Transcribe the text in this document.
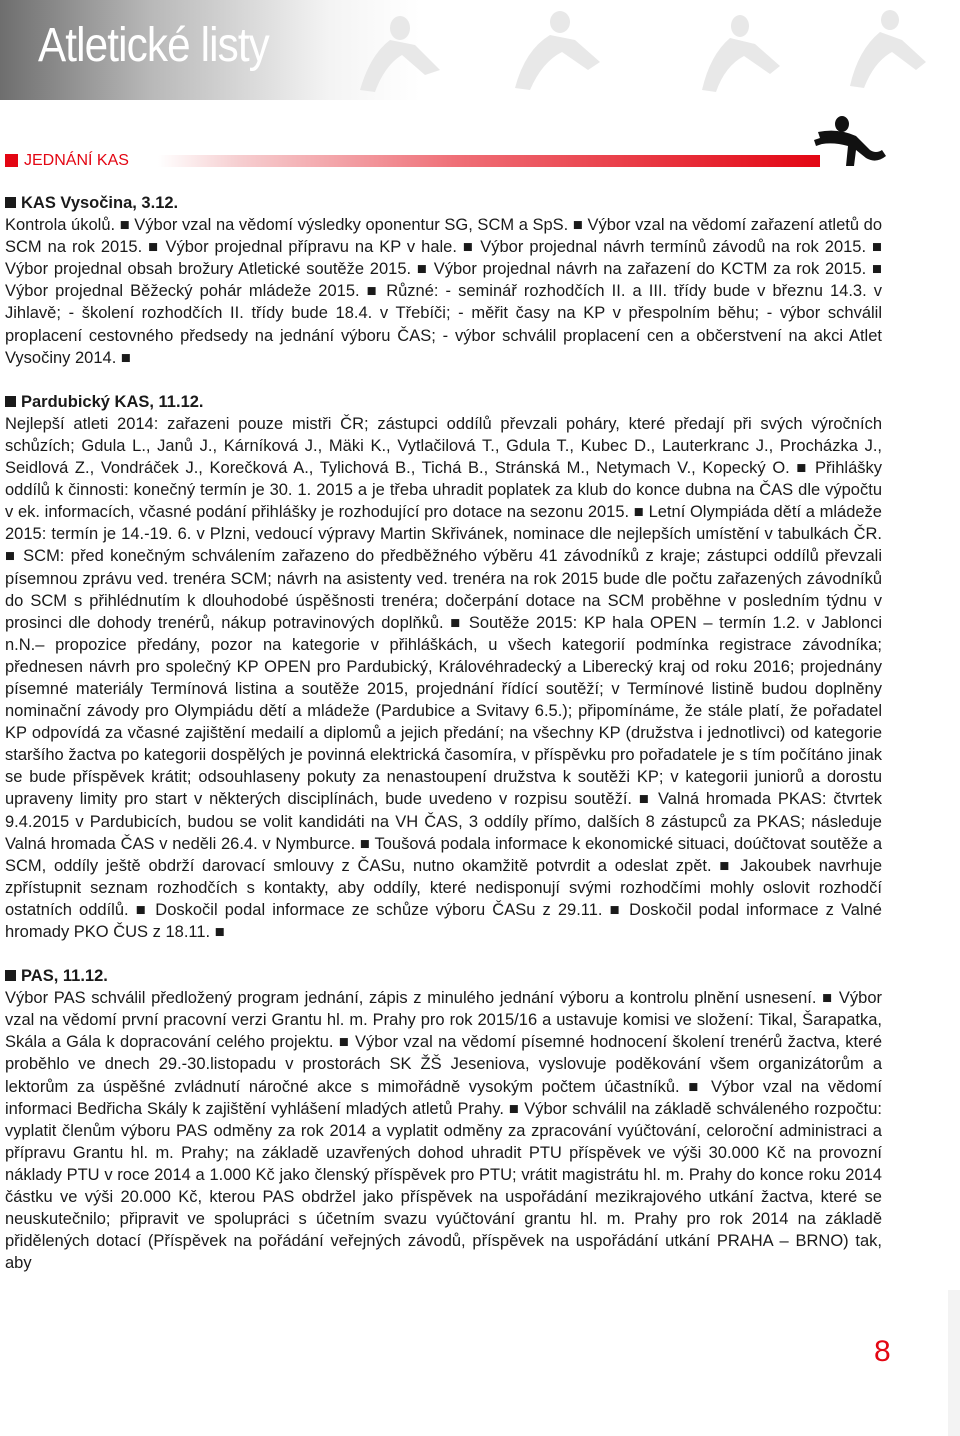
Atletické listy
JEDNÁNÍ KAS
KAS Vysočina, 3.12.
Kontrola úkolů. ■ Výbor vzal na vědomí výsledky oponentur SG, SCM a SpS. ■ Výbor vzal na vědomí zařazení atletů do SCM na rok 2015. ■ Výbor projednal přípravu na KP v hale. ■ Výbor projednal návrh termínů závodů na rok 2015. ■ Výbor projednal obsah brožury Atletické soutěže 2015. ■ Výbor projednal návrh na zařazení do KCTM za rok 2015. ■ Výbor projednal Běžecký pohár mládeže 2015. ■ Různé: - seminář rozhodčích II. a III. třídy bude v březnu 14.3. v Jihlavě; - školení rozhodčích II. třídy bude 18.4. v Třebíči; - měřit časy na KP v přespolním běhu; - výbor schválil proplacení cestovného předsedy na jednání výboru ČAS; - výbor schválil proplacení cen a občerstvení na akci Atlet Vysočiny 2014. ■
Pardubický KAS, 11.12.
Nejlepší atleti 2014: zařazeni pouze mistři ČR; zástupci oddílů převzali poháry, které předají při svých výročních schůzích; Gdula L., Janů J., Kárníková J., Mäki K., Vytlačilová T., Gdula T., Kubec D., Lauterkranc J., Procházka J., Seidlová Z., Vondráček J., Korečková A., Tylichová B., Tichá B., Stránská M., Netymach V., Kopecký O. ■ Přihlášky oddílů k činnosti: konečný termín je 30. 1. 2015 a je třeba uhradit poplatek za klub do konce dubna na ČAS dle výpočtu v ek. informacích, včasné podání přihlášky je rozhodující pro dotace na sezonu 2015. ■ Letní Olympiáda dětí a mládeže 2015: termín je 14.-19. 6. v Plzni, vedoucí výpravy Martin Skřivánek, nominace dle nejlepších umístění v tabulkách ČR. ■ SCM: před konečným schválením zařazeno do předběžného výběru 41 závodníků z kraje; zástupci oddílů převzali písemnou zprávu ved. trenéra SCM; návrh na asistenty ved. trenéra na rok 2015 bude dle počtu zařazených závodníků do SCM s přihlédnutím k dlouhodobé úspěšnosti trenéra; dočerpání dotace na SCM proběhne v posledním týdnu v prosinci dle dohody trenérů, nákup potravinových doplňků. ■ Soutěže 2015: KP hala OPEN – termín 1.2. v Jablonci n.N.– propozice předány, pozor na kategorie v přihláškách, u všech kategorií podmínka registrace závodníka; přednesen návrh pro společný KP OPEN pro Pardubický, Královéhradecký a Liberecký kraj od roku 2016; projednány písemné materiály Termínová listina a soutěže 2015, projednání řídící soutěží; v Termínové listině budou doplněny nominační závody pro Olympiádu dětí a mládeže (Pardubice a Svitavy 6.5.); připomínáme, že stále platí, že pořadatel KP odpovídá za včasné zajištění medailí a diplomů a jejich předání; na všechny KP (družstva i jednotlivci) od kategorie staršího žactva po kategorii dospělých je povinná elektrická časomíra, v příspěvku pro pořadatele je s tím počítáno jinak se bude příspěvek krátit; odsouhlaseny pokuty za nenastoupení družstva k soutěži KP; v kategorii juniorů a dorostu upraveny limity pro start v některých disciplínách, bude uvedeno v rozpisu soutěží. ■ Valná hromada PKAS: čtvrtek 9.4.2015 v Pardubicích, budou se volit kandidáti na VH ČAS, 3 oddíly přímo, dalších 8 zástupců za PKAS; následuje Valná hromada ČAS v neděli 26.4. v Nymburce. ■ Toušová podala informace k ekonomické situaci, doúčtovat soutěže a SCM, oddíly ještě obdrží darovací smlouvy z ČASu, nutno okamžitě potvrdit a odeslat zpět. ■ Jakoubek navrhuje zpřístupnit seznam rozhodčích s kontakty, aby oddíly, které nedisponují svými rozhodčími mohly oslovit rozhodčí ostatních oddílů. ■ Doskočil podal informace ze schůze výboru ČASu z 29.11. ■ Doskočil podal informace z Valné hromady PKO ČUS z 18.11. ■
PAS, 11.12.
Výbor PAS schválil předložený program jednání, zápis z minulého jednání výboru a kontrolu plnění usnesení. ■ Výbor vzal na vědomí první pracovní verzi Grantu hl. m. Prahy pro rok 2015/16 a ustavuje komisi ve složení: Tikal, Šarapatka, Skála a Gála k dopracování celého projektu. ■ Výbor vzal na vědomí písemné hodnocení školení trenérů žactva, které proběhlo ve dnech 29.-30.listopadu v prostorách SK ŽŠ Jeseniova, vyslovuje poděkování všem organizátorům a lektorům za úspěšné zvládnutí náročné akce s mimořádně vysokým počtem účastníků. ■ Výbor vzal na vědomí informaci Bedřicha Skály k zajištění vyhlášení mladých atletů Prahy. ■ Výbor schválil na základě schváleného rozpočtu: vyplatit členům výboru PAS odměny za rok 2014 a vyplatit odměny za zpracování vyúčtování, celoroční administraci a přípravu Grantu hl. m. Prahy; na základě uzavřených dohod uhradit PTU příspěvek ve výši 30.000 Kč na provozní náklady PTU v roce 2014 a 1.000 Kč jako členský příspěvek pro PTU; vrátit magistrátu hl. m. Prahy do konce roku 2014 částku ve výši 20.000 Kč, kterou PAS obdržel jako příspěvek na uspořádání mezikrajového utkání žactva, které se neuskutečnilo; připravit ve spolupráci s účetním svazu vyúčtování grantu hl. m. Prahy pro rok 2014 na základě přidělených dotací (Příspěvek na pořádání veřejných závodů, příspěvek na uspořádání utkání PRAHA – BRNO) tak, aby
8
